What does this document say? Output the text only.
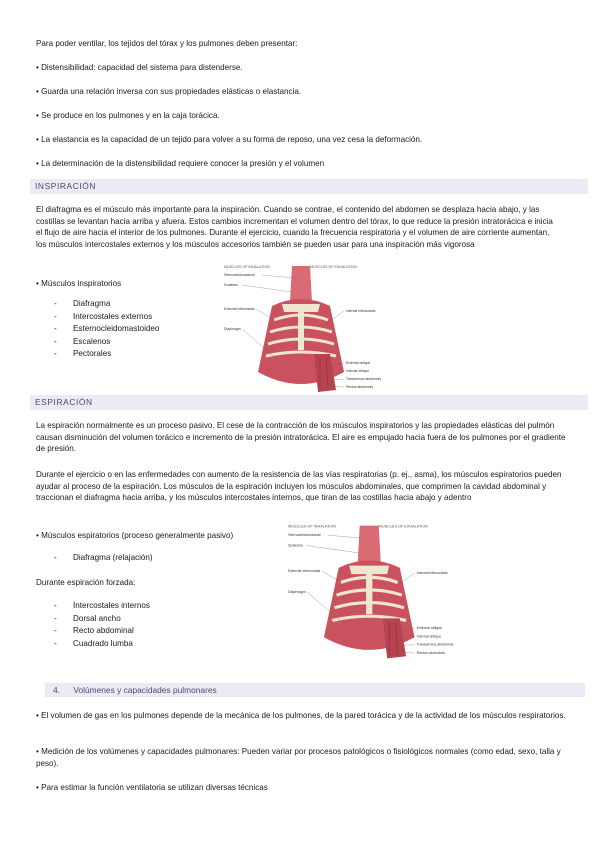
Para poder ventilar, los tejidos del tórax y los pulmones deben presentar:

• Distensibilidad: capacidad del sistema para distenderse.

• Guarda una relación inversa con sus propiedades elásticas o elastancia.

• Se produce en los pulmones y en la caja torácica.

• La elastancia es la capacidad de un tejido para volver a su forma de reposo, una vez cesa la deformación.

• La determinación de la distensibilidad requiere conocer la presión y el volumen

INSPIRACIÓN

El diafragma es el músculo más importante para la inspiración. Cuando se contrae, el contenido del abdomen se desplaza hacia abajo, y las costillas se levantan hacia arriba y afuera. Estos cambios incrementan el volumen dentro del tórax, lo que reduce la presión intratorácica e inicia el flujo de aire hacia el interior de los pulmones. Durante el ejercicio, cuando la frecuencia respiratoria y el volumen de aire corriente aumentan, los músculos intercostales externos y los músculos accesorios también se pueden usar para una inspiración más vigorosa

• Músculos inspiratorios

- Diafragma
- Intercostales externos
- Esternocleidomastoideo
- Escalenos
- Pectorales
MUSCLES OF INHALATION	MUSCLES OF EXHALATION
Sternocleidomastoid
Scalenes
External intercostals
Diaphragm
Internal intercostals
External oblique
Internal oblique
Transversus abdominis
Rectus abdominis
ESPIRACIÓN

La espiración normalmente es un proceso pasivo. El cese de la contracción de los músculos inspiratorios y las propiedades elásticas del pulmón causan disminución del volumen torácico e incremento de la presión intratorácica. El aire es empujado hacia fuera de los pulmones por el gradiente de presión.

Durante el ejercicio o en las enfermedades con aumento de la resistencia de las vías respiratorias (p. ej., asma), los músculos espiratorios pueden ayudar al proceso de la espiración. Los músculos de la espiración incluyen los músculos abdominales, que comprimen la cavidad abdominal y traccionan el diafragma hacia arriba, y los músculos intercostales internos, que tiran de las costillas hacia abajo y adentro

• Músculos espiratorios (proceso generalmente pasivo)

- Diafragma (relajación)

Durante espiración forzada:

- Intercostales internos
- Dorsal ancho
- Recto abdominal
- Cuadrado lumba
MUSCLES OF INHALATION	MUSCLES OF EXHALATION
Sternocleidomastoid
Scalenes
External intercostals
Diaphragm
Internal intercostals
External oblique
Internal oblique
Transversus abdominis
Rectus abdominis
4. Volúmenes y capacidades pulmonares

• El volumen de gas en los pulmones depende de la mecánica de los pulmones, de la pared torácica y de la actividad de los músculos respiratorios.

• Medición de los volúmenes y capacidades pulmonares: Pueden variar por procesos patológicos o fisiológicos normales (como edad, sexo, talla y peso).

• Para estimar la función ventilatoria se utilizan diversas técnicas
